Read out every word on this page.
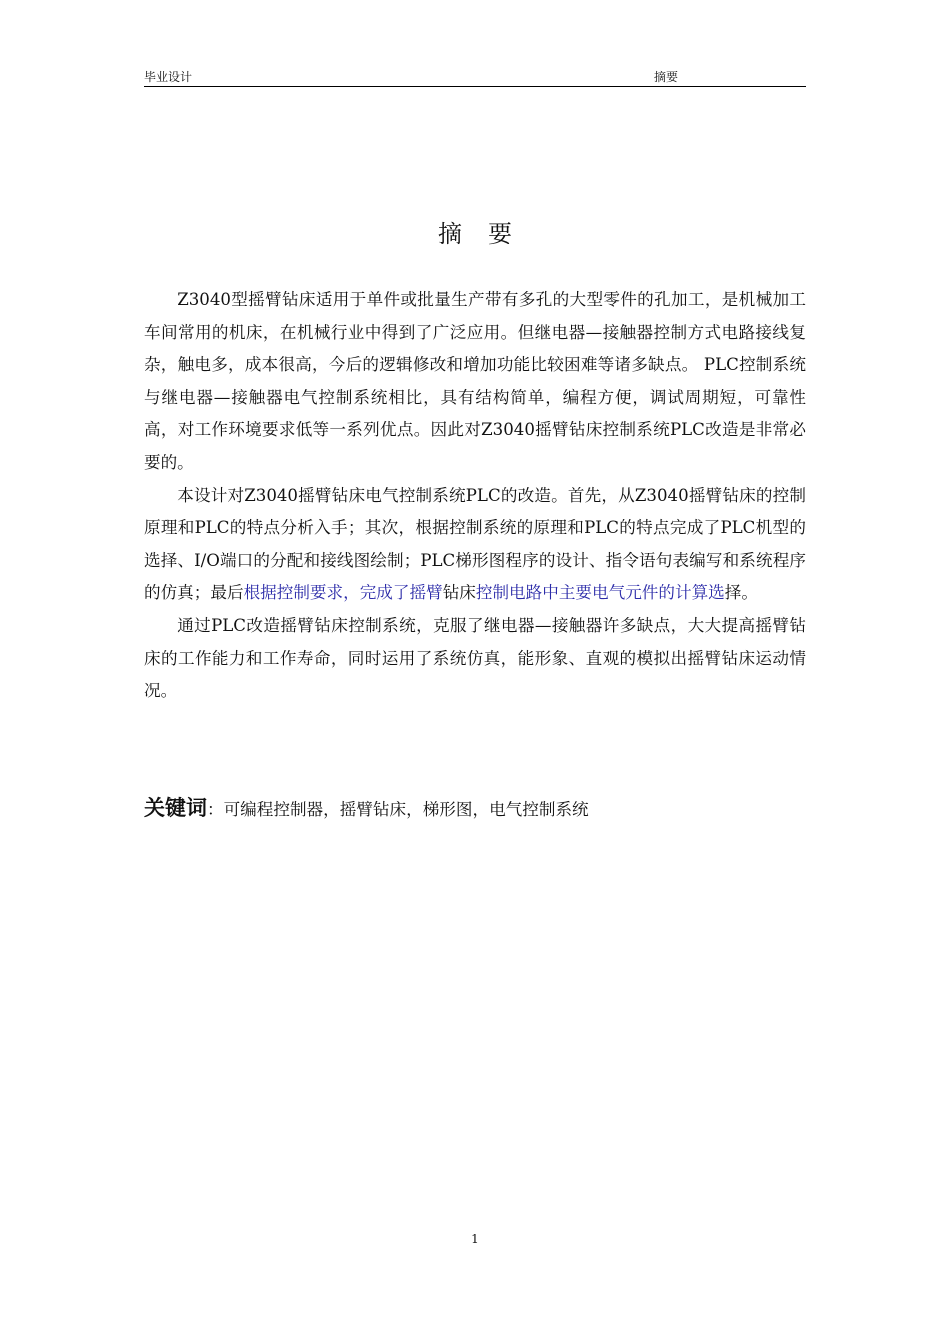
毕业设计	摘要
摘要

Z3040型摇臂钻床适用于单件或批量生产带有多孔的大型零件的孔加工，是机械加工车间常用的机床，在机械行业中得到了广泛应用。但继电器—接触器控制方式电路接线复杂，触电多，成本很高，今后的逻辑修改和增加功能比较困难等诸多缺点。 PLC控制系统与继电器—接触器电气控制系统相比，具有结构简单，编程方便，调试周期短，可靠性高，对工作环境要求低等一系列优点。因此对Z3040摇臂钻床控制系统PLC改造是非常必要的。

本设计对Z3040摇臂钻床电气控制系统PLC的改造。首先，从Z3040摇臂钻床的控制原理和PLC的特点分析入手；其次，根据控制系统的原理和PLC的特点完成了PLC机型的选择、I/O端口的分配和接线图绘制；PLC梯形图程序的设计、指令语句表编写和系统程序的仿真；最后根据控制要求，完成了摇臂钻床控制电路中主要电气元件的计算选择。

通过PLC改造摇臂钻床控制系统，克服了继电器—接触器许多缺点，大大提高摇臂钻床的工作能力和工作寿命，同时运用了系统仿真，能形象、直观的模拟出摇臂钻床运动情况。

关键词：可编程控制器，摇臂钻床，梯形图，电气控制系统
1
